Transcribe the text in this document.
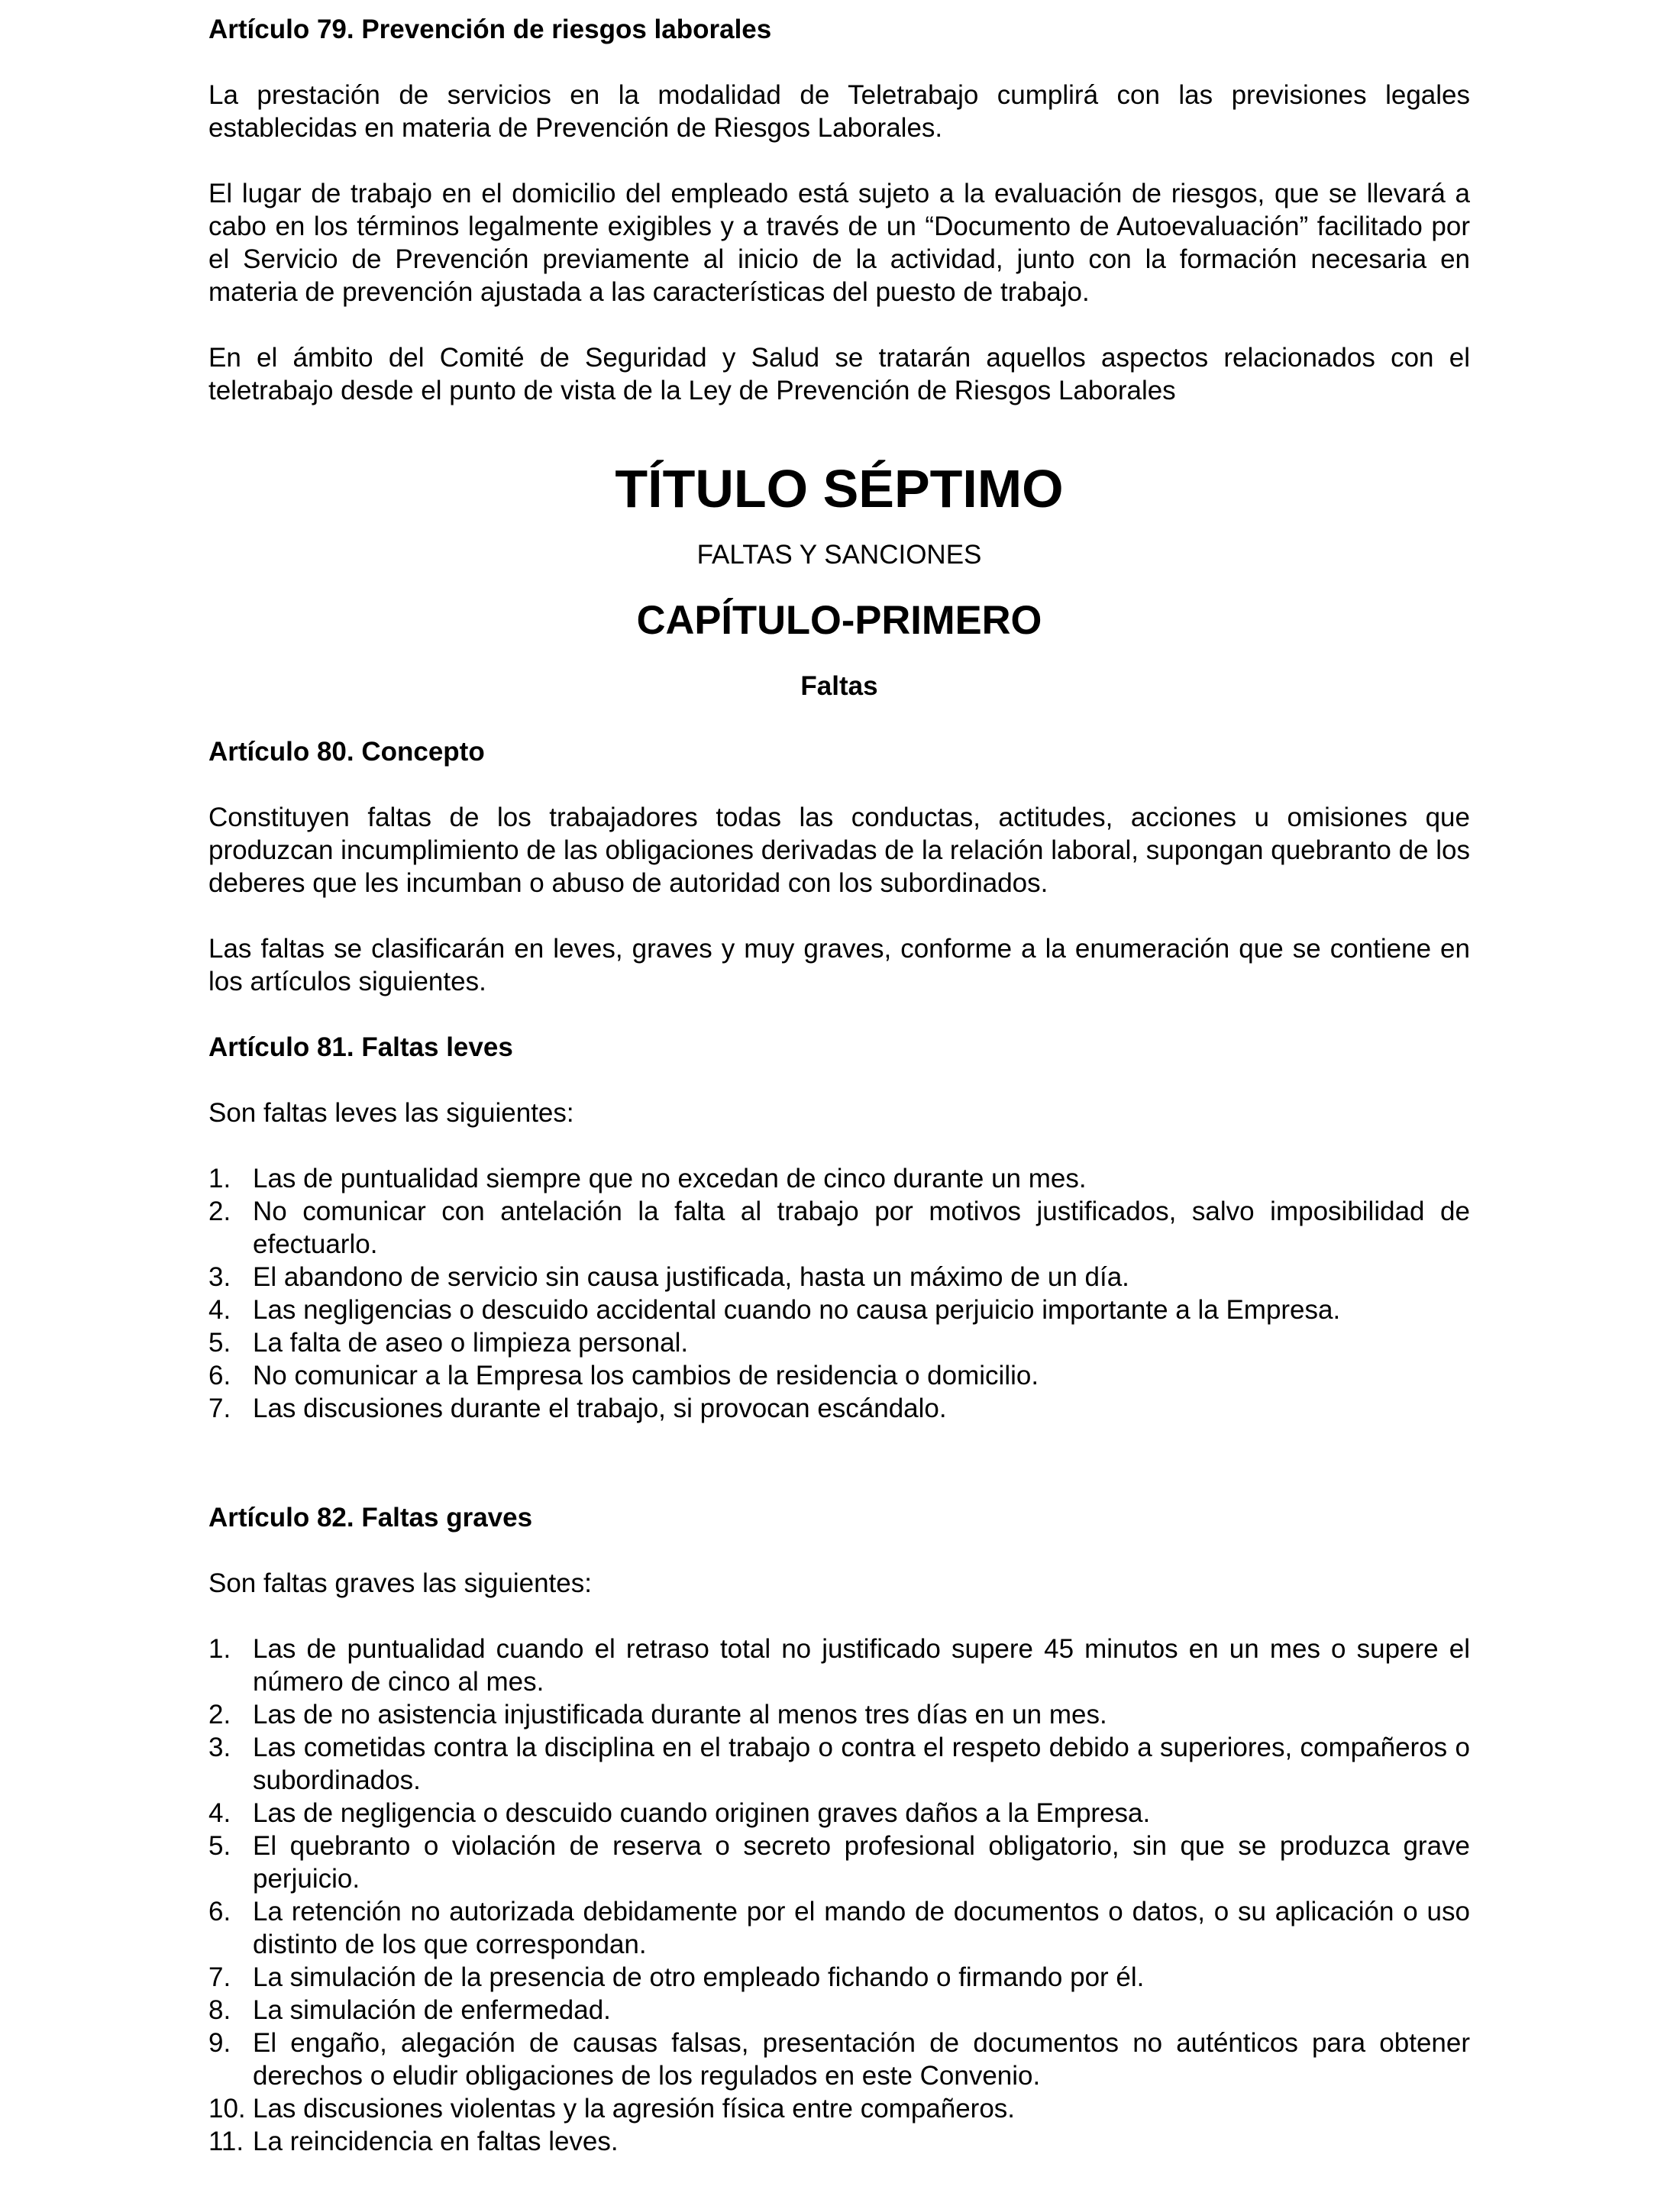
Artículo 79. Prevención de riesgos laborales

La prestación de servicios en la modalidad de Teletrabajo cumplirá con las previsiones legales establecidas en materia de Prevención de Riesgos Laborales.

El lugar de trabajo en el domicilio del empleado está sujeto a la evaluación de riesgos, que se llevará a cabo en los términos legalmente exigibles y a través de un “Documento de Autoevaluación” facilitado por el Servicio de Prevención previamente al inicio de la actividad, junto con la formación necesaria en materia de prevención ajustada a las características del puesto de trabajo.

En el ámbito del Comité de Seguridad y Salud se tratarán aquellos aspectos relacionados con el teletrabajo desde el punto de vista de la Ley de Prevención de Riesgos Laborales

TÍTULO SÉPTIMO

FALTAS Y SANCIONES

CAPÍTULO-PRIMERO

Faltas

Artículo 80. Concepto

Constituyen faltas de los trabajadores todas las conductas, actitudes, acciones u omisiones que produzcan incumplimiento de las obligaciones derivadas de la relación laboral, supongan quebranto de los deberes que les incumban o abuso de autoridad con los subordinados.

Las faltas se clasificarán en leves, graves y muy graves, conforme a la enumeración que se contiene en los artículos siguientes.

Artículo 81. Faltas leves

Son faltas leves las siguientes:

1. Las de puntualidad siempre que no excedan de cinco durante un mes.
2. No comunicar con antelación la falta al trabajo por motivos justificados, salvo imposibilidad de efectuarlo.
3. El abandono de servicio sin causa justificada, hasta un máximo de un día.
4. Las negligencias o descuido accidental cuando no causa perjuicio importante a la Empresa.
5. La falta de aseo o limpieza personal.
6. No comunicar a la Empresa los cambios de residencia o domicilio.
7. Las discusiones durante el trabajo, si provocan escándalo.
Artículo 82. Faltas graves

Son faltas graves las siguientes:

1. Las de puntualidad cuando el retraso total no justificado supere 45 minutos en un mes o supere el número de cinco al mes.
2. Las de no asistencia injustificada durante al menos tres días en un mes.
3. Las cometidas contra la disciplina en el trabajo o contra el respeto debido a superiores, compañeros o subordinados.
4. Las de negligencia o descuido cuando originen graves daños a la Empresa.
5. El quebranto o violación de reserva o secreto profesional obligatorio, sin que se produzca grave perjuicio.
6. La retención no autorizada debidamente por el mando de documentos o datos, o su aplicación o uso distinto de los que correspondan.
7. La simulación de la presencia de otro empleado fichando o firmando por él.
8. La simulación de enfermedad.
9. El engaño, alegación de causas falsas, presentación de documentos no auténticos para obtener derechos o eludir obligaciones de los regulados en este Convenio.
10. Las discusiones violentas y la agresión física entre compañeros.
11. La reincidencia en faltas leves.
